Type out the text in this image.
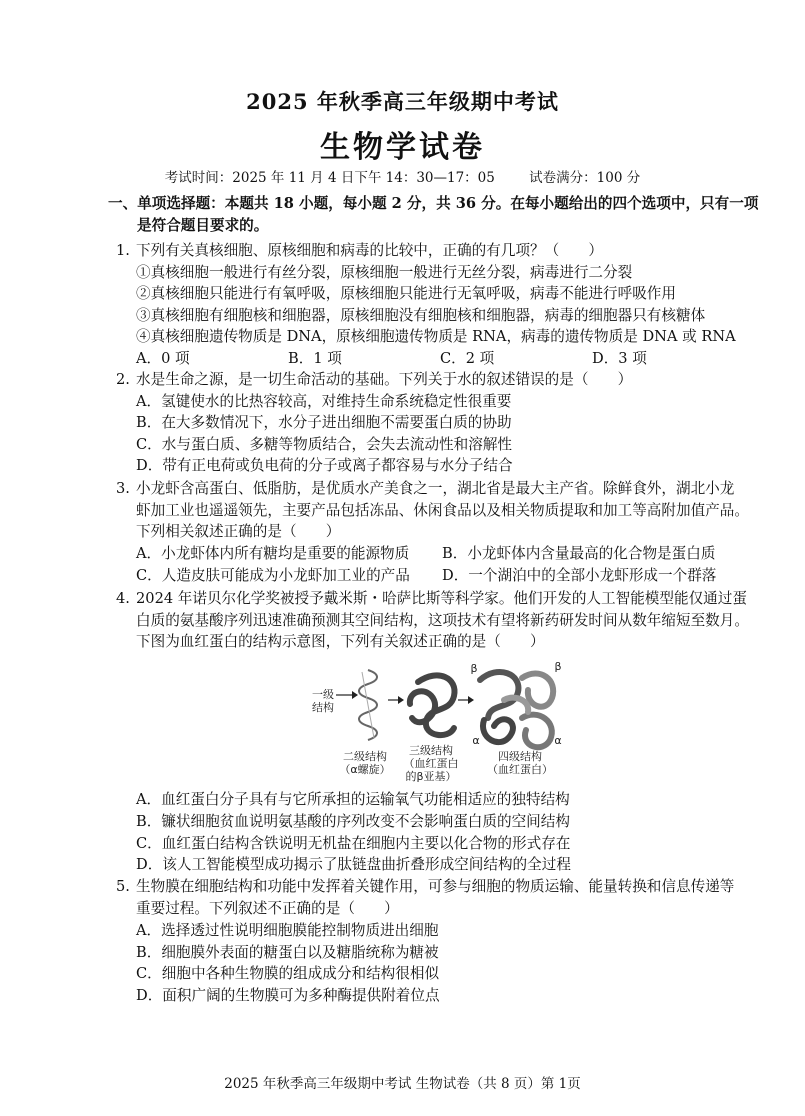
2025 年秋季高三年级期中考试
生物学试卷
考试时间：2025 年 11 月 4 日下午 14：30—17：05	试卷满分：100 分
一、单项选择题：本题共 18 小题，每小题 2 分，共 36 分。在每小题给出的四个选项中，只有一项
是符合题目要求的。
1. 下列有关真核细胞、原核细胞和病毒的比较中，正确的有几项？（　　）
①真核细胞一般进行有丝分裂，原核细胞一般进行无丝分裂，病毒进行二分裂
②真核细胞只能进行有氧呼吸，原核细胞只能进行无氧呼吸，病毒不能进行呼吸作用
③真核细胞有细胞核和细胞器，原核细胞没有细胞核和细胞器，病毒的细胞器只有核糖体
④真核细胞遗传物质是 DNA，原核细胞遗传物质是 RNA，病毒的遗传物质是 DNA 或 RNA
A．0 项	B．1 项	C．2 项	D．3 项
2. 水是生命之源，是一切生命活动的基础。下列关于水的叙述错误的是（　　）
A．氢键使水的比热容较高，对维持生命系统稳定性很重要
B．在大多数情况下，水分子进出细胞不需要蛋白质的协助
C．水与蛋白质、多糖等物质结合，会失去流动性和溶解性
D．带有正电荷或负电荷的分子或离子都容易与水分子结合
3. 小龙虾含高蛋白、低脂肪，是优质水产美食之一，湖北省是最大主产省。除鲜食外，湖北小龙
虾加工业也遥遥领先，主要产品包括冻品、休闲食品以及相关物质提取和加工等高附加值产品。
下列相关叙述正确的是（　　）
A．小龙虾体内所有糖均是重要的能源物质 B．小龙虾体内含量最高的化合物是蛋白质
C．人造皮肤可能成为小龙虾加工业的产品 D．一个湖泊中的全部小龙虾形成一个群落
4. 2024 年诺贝尔化学奖被授予戴米斯・哈萨比斯等科学家。他们开发的人工智能模型能仅通过蛋
白质的氨基酸序列迅速准确预测其空间结构，这项技术有望将新药研发时间从数年缩短至数月。
下图为血红蛋白的结构示意图，下列有关叙述正确的是（　　）
一级
结构
二级结构
（α螺旋）
三级结构
（血红蛋白
的β亚基）
四级结构
（血红蛋白）
β	β
α	α
A．血红蛋白分子具有与它所承担的运输氧气功能相适应的独特结构
B．镰状细胞贫血说明氨基酸的序列改变不会影响蛋白质的空间结构
C．血红蛋白结构含铁说明无机盐在细胞内主要以化合物的形式存在
D．该人工智能模型成功揭示了肽链盘曲折叠形成空间结构的全过程
5. 生物膜在细胞结构和功能中发挥着关键作用，可参与细胞的物质运输、能量转换和信息传递等
重要过程。下列叙述不正确的是（　　）
A．选择透过性说明细胞膜能控制物质进出细胞
B．细胞膜外表面的糖蛋白以及糖脂统称为糖被
C．细胞中各种生物膜的组成成分和结构很相似
D．面积广阔的生物膜可为多种酶提供附着位点
2025 年秋季高三年级期中考试 生物试卷（共 8 页）第 1页
